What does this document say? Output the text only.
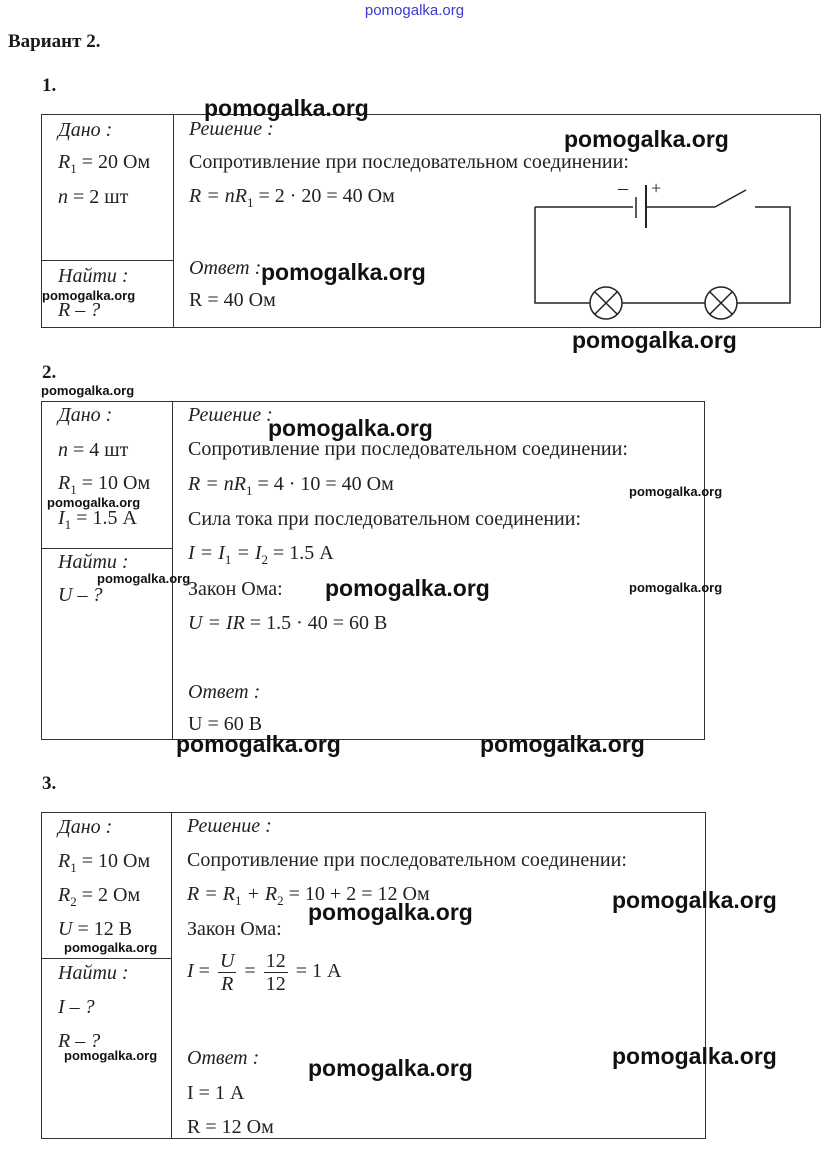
pomogalka.org
Вариант 2.
1.
Дано :
$R_1 = 20$ Ом
n = 2 шт
Найти :
R – ?
Решение :
Сопротивление при последовательном соединении:
$R = nR_1 = 2 \cdot 20 = 40$ Ом
Ответ :
R = 40 Ом
– +
2.
Дано :
n = 4 шт
$R_1 = 10$ Ом
$I_1 = 1.5$ А
Найти :
U – ?
Решение :
Сопротивление при последовательном соединении:
$R = nR_1 = 4 \cdot 10 = 40$ Ом
Сила тока при последовательном соединении:
$I = I_1 = I_2 = 1.5$ А
Закон Ома:
U = IR = 1.5 · 40 = 60 В
Ответ :
U = 60 В
3.
Дано :
$R_1 = 10$ Ом
$R_2 = 2$ Ом
U = 12 В
Найти :
I – ?
R – ?
Решение :
Сопротивление при последовательном соединении:
$R = R_1 + R_2 = 10 + 2 = 12$ Ом
Закон Ома:
$I = \frac{U}{R} = \frac{12}{12} = 1$ А
Ответ :
I = 1 А
R = 12 Ом
pomogalka.org
pomogalka.org
pomogalka.org
pomogalka.org
pomogalka.org
pomogalka.org
pomogalka.org
pomogalka.org
pomogalka.org
pomogalka.org	pomogalka.org	pomogalka.org
pomogalka.org	pomogalka.org
pomogalka.org
pomogalka.org
pomogalka.org
pomogalka.org
pomogalka.org	pomogalka.org
